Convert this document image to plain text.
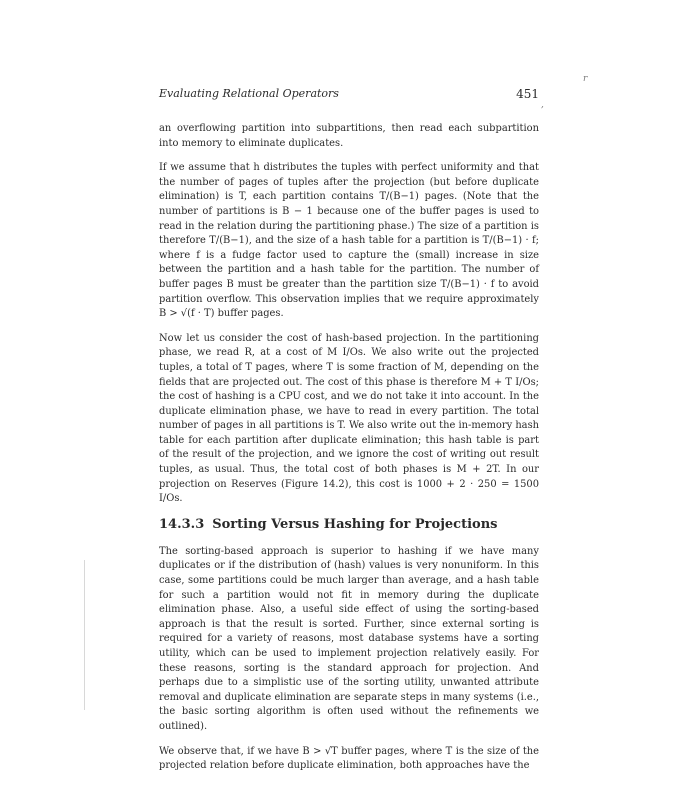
r
,
Evaluating Relational Operators	451

an overflowing partition into subpartitions, then read each subpartition into memory to eliminate duplicates.

If we assume that h distributes the tuples with perfect uniformity and that the number of pages of tuples after the projection (but before duplicate elimination) is T, each partition contains T/(B−1) pages. (Note that the number of partitions is B − 1 because one of the buffer pages is used to read in the relation during the partitioning phase.) The size of a partition is therefore T/(B−1), and the size of a hash table for a partition is T/(B−1) · f; where f is a fudge factor used to capture the (small) increase in size between the partition and a hash table for the partition. The number of buffer pages B must be greater than the partition size T/(B−1) · f to avoid partition overflow. This observation implies that we require approximately B > √(f · T) buffer pages.

Now let us consider the cost of hash-based projection. In the partitioning phase, we read R, at a cost of M I/Os. We also write out the projected tuples, a total of T pages, where T is some fraction of M, depending on the fields that are projected out. The cost of this phase is therefore M + T I/Os; the cost of hashing is a CPU cost, and we do not take it into account. In the duplicate elimination phase, we have to read in every partition. The total number of pages in all partitions is T. We also write out the in-memory hash table for each partition after duplicate elimination; this hash table is part of the result of the projection, and we ignore the cost of writing out result tuples, as usual. Thus, the total cost of both phases is M + 2T. In our projection on Reserves (Figure 14.2), this cost is 1000 + 2 · 250 = 1500 I/Os.

14.3.3 Sorting Versus Hashing for Projections

The sorting-based approach is superior to hashing if we have many duplicates or if the distribution of (hash) values is very nonuniform. In this case, some partitions could be much larger than average, and a hash table for such a partition would not fit in memory during the duplicate elimination phase. Also, a useful side effect of using the sorting-based approach is that the result is sorted. Further, since external sorting is required for a variety of reasons, most database systems have a sorting utility, which can be used to implement projection relatively easily. For these reasons, sorting is the standard approach for projection. And perhaps due to a simplistic use of the sorting utility, unwanted attribute removal and duplicate elimination are separate steps in many systems (i.e., the basic sorting algorithm is often used without the refinements we outlined).

We observe that, if we have B > √T buffer pages, where T is the size of the projected relation before duplicate elimination, both approaches have the
